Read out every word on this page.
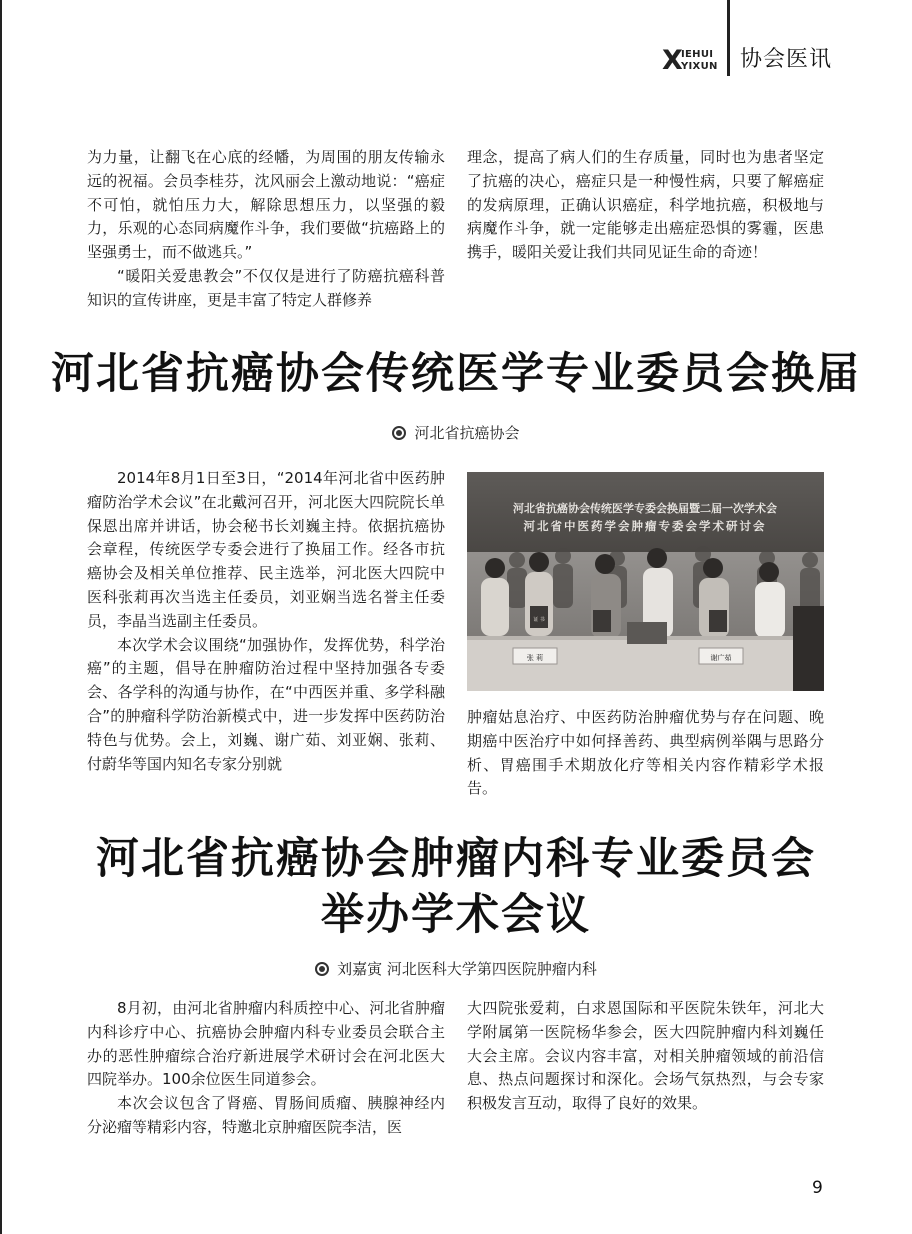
X
IEHUI
YIXUN 协会医讯

为力量，让翻飞在心底的经幡，为周围的朋友传输永远的祝福。会员李桂芬，沈风丽会上激动地说：“癌症不可怕，就怕压力大，解除思想压力，以坚强的毅力，乐观的心态同病魔作斗争，我们要做“抗癌路上的坚强勇士，而不做逃兵。”

“暖阳关爱患教会”不仅仅是进行了防癌抗癌科普知识的宣传讲座，更是丰富了特定人群修养

理念，提高了病人们的生存质量，同时也为患者坚定了抗癌的决心，癌症只是一种慢性病，只要了解癌症的发病原理，正确认识癌症，科学地抗癌，积极地与病魔作斗争，就一定能够走出癌症恐惧的雾霾，医患携手，暖阳关爱让我们共同见证生命的奇迹！

河北省抗癌协会传统医学专业委员会换届
河北省抗癌协会

2014年8月1日至3日，“2014年河北省中医药肿瘤防治学术会议”在北戴河召开，河北医大四院院长单保恩出席并讲话，协会秘书长刘巍主持。依据抗癌协会章程，传统医学专委会进行了换届工作。经各市抗癌协会及相关单位推荐、民主选举，河北医大四院中医科张莉再次当选主任委员，刘亚娴当选名誉主任委员，李晶当选副主任委员。

本次学术会议围绕“加强协作，发挥优势，科学治癌”的主题，倡导在肿瘤防治过程中坚持加强各专委会、各学科的沟通与协作，在“中西医并重、多学科融合”的肿瘤科学防治新模式中，进一步发挥中医药防治特色与优势。会上，刘巍、谢广茹、刘亚娴、张莉、付蔚华等国内知名专家分别就

河北省抗癌协会传统医学专委会换届暨二届一次学术会
河北省中医药学会肿瘤专委会学术研讨会
证 书
张 莉	谢广茹

肿瘤姑息治疗、中医药防治肿瘤优势与存在问题、晚期癌中医治疗中如何择善药、典型病例举隅与思路分析、胃癌围手术期放化疗等相关内容作精彩学术报告。

河北省抗癌协会肿瘤内科专业委员会
举办学术会议
刘嘉寅 河北医科大学第四医院肿瘤内科

8月初，由河北省肿瘤内科质控中心、河北省肿瘤内科诊疗中心、抗癌协会肿瘤内科专业委员会联合主办的恶性肿瘤综合治疗新进展学术研讨会在河北医大四院举办。100余位医生同道参会。

本次会议包含了肾癌、胃肠间质瘤、胰腺神经内分泌瘤等精彩内容，特邀北京肿瘤医院李洁，医

大四院张爱莉，白求恩国际和平医院朱铁年，河北大学附属第一医院杨华参会，医大四院肿瘤内科刘巍任大会主席。会议内容丰富，对相关肿瘤领域的前沿信息、热点问题探讨和深化。会场气氛热烈，与会专家积极发言互动，取得了良好的效果。

9
